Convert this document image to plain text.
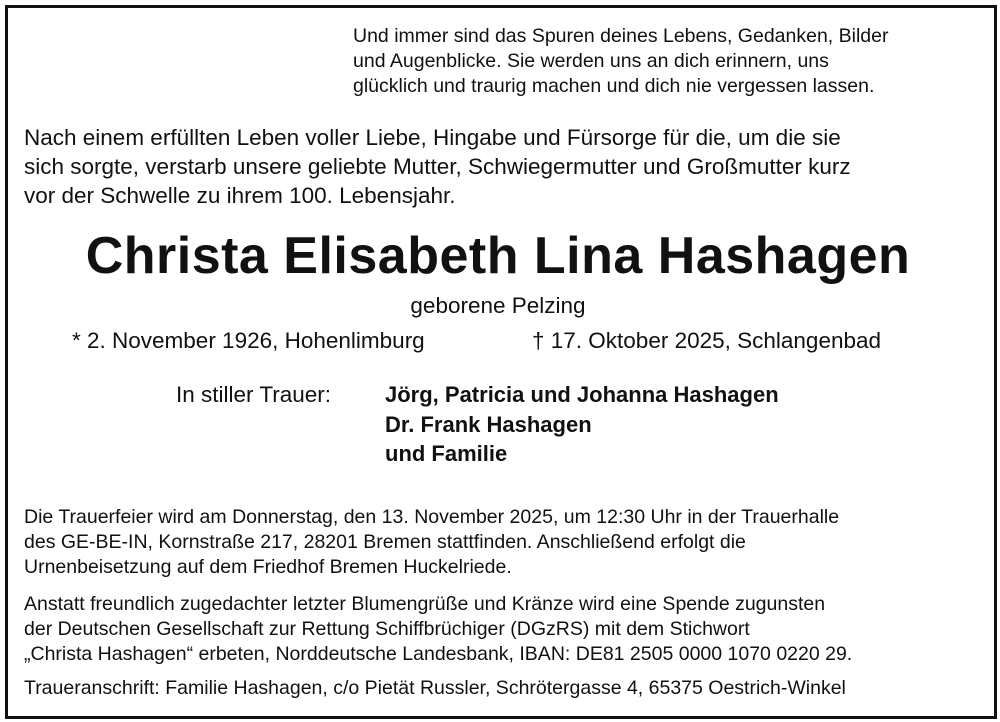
Und immer sind das Spuren deines Lebens, Gedanken, Bilder
und Augenblicke. Sie werden uns an dich erinnern, uns
glücklich und traurig machen und dich nie vergessen lassen.
Nach einem erfüllten Leben voller Liebe, Hingabe und Fürsorge für die, um die sie
sich sorgte, verstarb unsere geliebte Mutter, Schwiegermutter und Großmutter kurz
vor der Schwelle zu ihrem 100. Lebensjahr.
Christa Elisabeth Lina Hashagen
geborene Pelzing
* 2. November 1926, Hohenlimburg	† 17. Oktober 2025, Schlangenbad
In stiller Trauer: Jörg, Patricia und Johanna Hashagen
Dr. Frank Hashagen
und Familie
Die Trauerfeier wird am Donnerstag, den 13. November 2025, um 12:30 Uhr in der Trauerhalle
des GE-BE-IN, Kornstraße 217, 28201 Bremen stattfinden. Anschließend erfolgt die
Urnenbeisetzung auf dem Friedhof Bremen Huckelriede.
Anstatt freundlich zugedachter letzter Blumengrüße und Kränze wird eine Spende zugunsten
der Deutschen Gesellschaft zur Rettung Schiffbrüchiger (DGzRS) mit dem Stichwort
„Christa Hashagen“ erbeten, Norddeutsche Landesbank, IBAN: DE81 2505 0000 1070 0220 29.
Traueranschrift: Familie Hashagen, c/o Pietät Russler, Schrötergasse 4, 65375 Oestrich-Winkel
